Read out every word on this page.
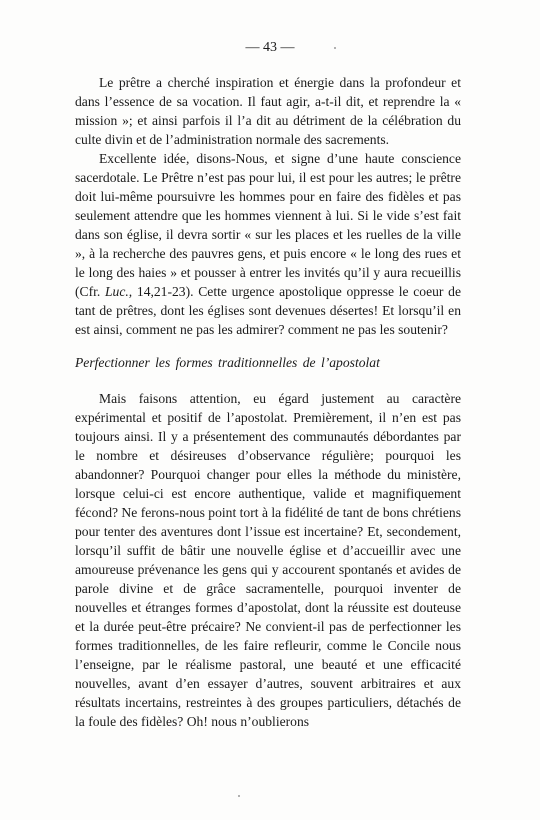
— 43 —

Le prêtre a cherché inspiration et énergie dans la profondeur et dans l’essence de sa vocation. Il faut agir, a-t-il dit, et reprendre la « mission »; et ainsi parfois il l’a dit au détriment de la célébration du culte divin et de l’administration normale des sacrements.

Excellente idée, disons-Nous, et signe d’une haute conscience sacerdotale. Le Prêtre n’est pas pour lui, il est pour les autres; le prêtre doit lui-même poursuivre les hommes pour en faire des fidèles et pas seulement attendre que les hommes viennent à lui. Si le vide s’est fait dans son église, il devra sortir « sur les places et les ruelles de la ville », à la recherche des pauvres gens, et puis encore « le long des rues et le long des haies » et pousser à entrer les invités qu’il y aura recueillis (Cfr. Luc., 14,21-23). Cette urgence apostolique oppresse le coeur de tant de prêtres, dont les églises sont devenues désertes! Et lorsqu’il en est ainsi, comment ne pas les admirer? comment ne pas les soutenir?

Perfectionner les formes traditionnelles de l’apostolat

Mais faisons attention, eu égard justement au caractère expérimental et positif de l’apostolat. Premièrement, il n’en est pas toujours ainsi. Il y a présentement des communautés débordantes par le nombre et désireuses d’observance régulière; pourquoi les abandonner? Pourquoi changer pour elles la méthode du ministère, lorsque celui-ci est encore authentique, valide et magnifiquement fécond? Ne ferons-nous point tort à la fidélité de tant de bons chrétiens pour tenter des aventures dont l’issue est incertaine? Et, secondement, lorsqu’il suffit de bâtir une nouvelle église et d’accueillir avec une amoureuse prévenance les gens qui y accourent spontanés et avides de parole divine et de grâce sacramentelle, pourquoi inventer de nouvelles et étranges formes d’apostolat, dont la réussite est douteuse et la durée peut-être précaire? Ne convient-il pas de perfectionner les formes traditionnelles, de les faire refleurir, comme le Concile nous l’enseigne, par le réalisme pastoral, une beauté et une efficacité nouvelles, avant d’en essayer d’autres, souvent arbitraires et aux résultats incertains, restreintes à des groupes particuliers, détachés de la foule des fidèles? Oh! nous n’oublierons
